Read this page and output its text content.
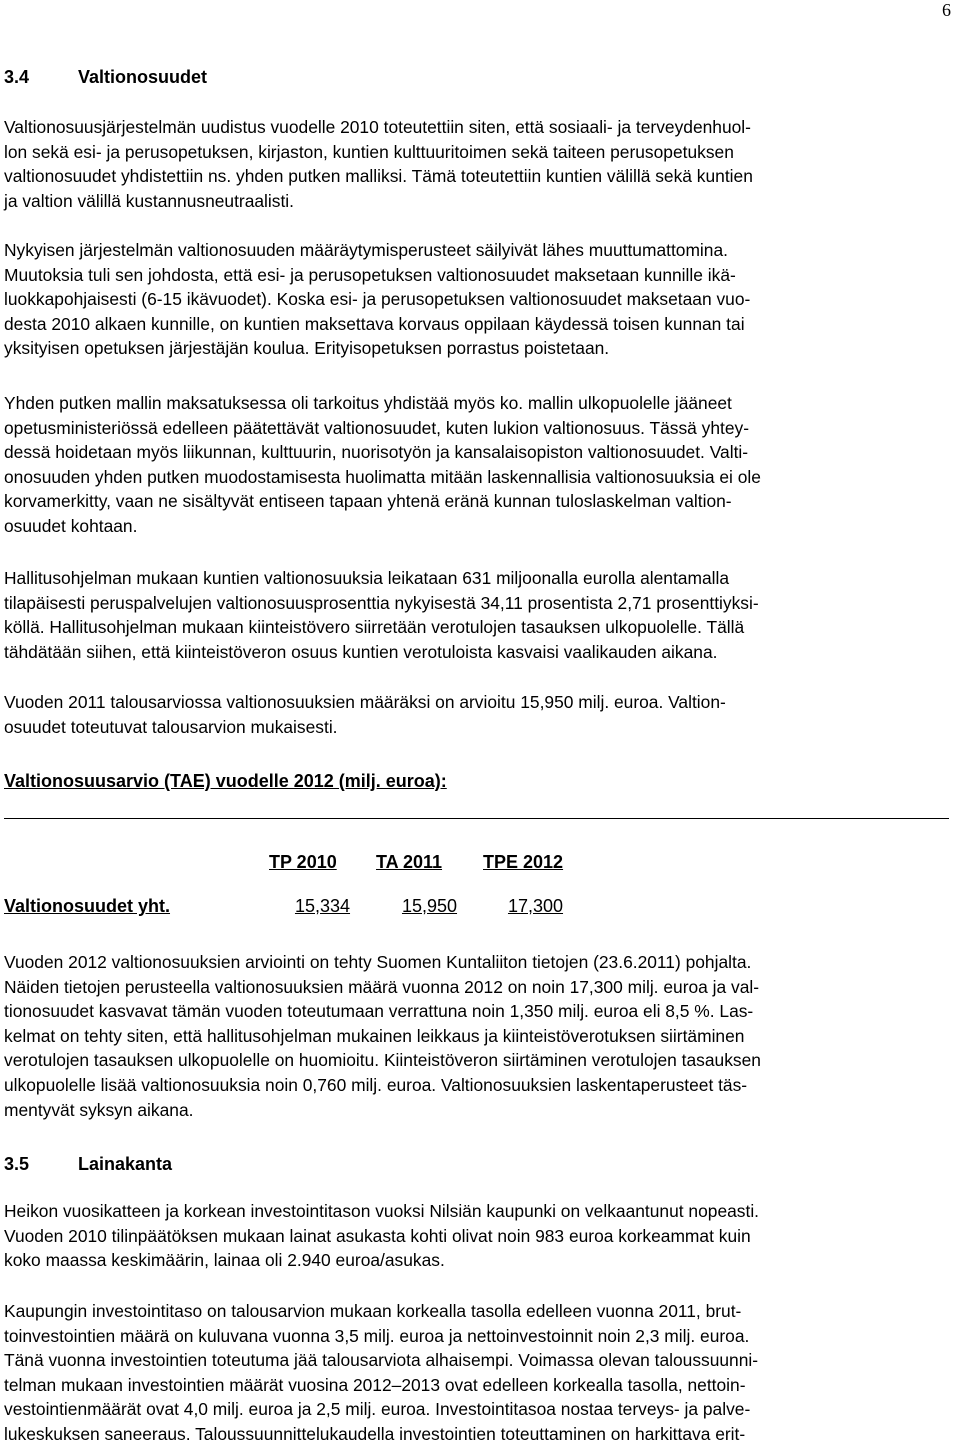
6
3.4	Valtionosuudet
Valtionosuusjärjestelmän uudistus vuodelle 2010 toteutettiin siten, että sosiaali- ja terveydenhuol-
lon sekä esi- ja perusopetuksen, kirjaston, kuntien kulttuuritoimen sekä taiteen perusopetuksen
valtionosuudet yhdistettiin ns. yhden putken malliksi. Tämä toteutettiin kuntien välillä sekä kuntien
ja valtion välillä kustannusneutraalisti.
Nykyisen järjestelmän valtionosuuden määräytymisperusteet säilyivät lähes muuttumattomina.
Muutoksia tuli sen johdosta, että esi- ja perusopetuksen valtionosuudet maksetaan kunnille ikä-
luokkapohjaisesti (6-15 ikävuodet). Koska esi- ja perusopetuksen valtionosuudet maksetaan vuo-
desta 2010 alkaen kunnille, on kuntien maksettava korvaus oppilaan käydessä toisen kunnan tai
yksityisen opetuksen järjestäjän koulua. Erityisopetuksen porrastus poistetaan.
Yhden putken mallin maksatuksessa oli tarkoitus yhdistää myös ko. mallin ulkopuolelle jääneet
opetusministeriössä edelleen päätettävät valtionosuudet, kuten lukion valtionosuus. Tässä yhtey-
dessä hoidetaan myös liikunnan, kulttuurin, nuorisotyön ja kansalaisopiston valtionosuudet. Valti-
onosuuden yhden putken muodostamisesta huolimatta mitään laskennallisia valtionosuuksia ei ole
korvamerkitty, vaan ne sisältyvät entiseen tapaan yhtenä eränä kunnan tuloslaskelman valtion-
osuudet kohtaan.
Hallitusohjelman mukaan kuntien valtionosuuksia leikataan 631 miljoonalla eurolla alentamalla
tilapäisesti peruspalvelujen valtionosuusprosenttia nykyisestä 34,11 prosentista 2,71 prosenttiyksi-
köllä. Hallitusohjelman mukaan kiinteistövero siirretään verotulojen tasauksen ulkopuolelle. Tällä
tähdätään siihen, että kiinteistöveron osuus kuntien verotuloista kasvaisi vaalikauden aikana.
Vuoden 2011 talousarviossa valtionosuuksien määräksi on arvioitu 15,950 milj. euroa. Valtion-
osuudet toteutuvat talousarvion mukaisesti.
Valtionosuusarvio (TAE) vuodelle 2012 (milj. euroa):
	TP 2010	TA 2011	TPE 2012	
Valtionosuudet yht.	15,334	15,950	17,300	
Vuoden 2012 valtionosuuksien arviointi on tehty Suomen Kuntaliiton tietojen (23.6.2011) pohjalta.
Näiden tietojen perusteella valtionosuuksien määrä vuonna 2012 on noin 17,300 milj. euroa ja val-
tionosuudet kasvavat tämän vuoden toteutumaan verrattuna noin 1,350 milj. euroa eli 8,5 %. Las-
kelmat on tehty siten, että hallitusohjelman mukainen leikkaus ja kiinteistöverotuksen siirtäminen
verotulojen tasauksen ulkopuolelle on huomioitu. Kiinteistöveron siirtäminen verotulojen tasauksen
ulkopuolelle lisää valtionosuuksia noin 0,760 milj. euroa. Valtionosuuksien laskentaperusteet täs-
mentyvät syksyn aikana.
3.5	Lainakanta
Heikon vuosikatteen ja korkean investointitason vuoksi Nilsiän kaupunki on velkaantunut nopeasti.
Vuoden 2010 tilinpäätöksen mukaan lainat asukasta kohti olivat noin 983 euroa korkeammat kuin
koko maassa keskimäärin, lainaa oli 2.940 euroa/asukas.
Kaupungin investointitaso on talousarvion mukaan korkealla tasolla edelleen vuonna 2011, brut-
toinvestointien määrä on kuluvana vuonna 3,5 milj. euroa ja nettoinvestoinnit noin 2,3 milj. euroa.
Tänä vuonna investointien toteutuma jää talousarviota alhaisempi. Voimassa olevan taloussuunni-
telman mukaan investointien määrät vuosina 2012–2013 ovat edelleen korkealla tasolla, nettoin-
vestointienmäärät ovat 4,0 milj. euroa ja 2,5 milj. euroa. Investointitasoa nostaa terveys- ja palve-
lukeskuksen saneeraus. Taloussuunnittelukaudella investointien toteuttaminen on harkittava erit-
